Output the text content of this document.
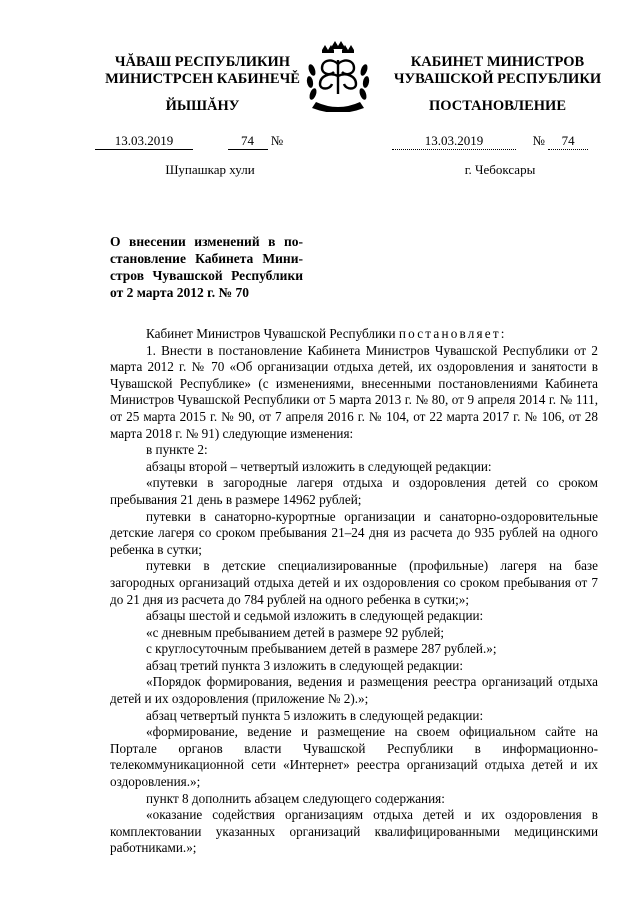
ЧĂВАШ РЕСПУБЛИКИН
МИНИСТРСЕН КАБИНЕЧĚ
ЙЫШĂНУ
13.03.2019	74 №
Шупашкар хули
КАБИНЕТ МИНИСТРОВ
ЧУВАШСКОЙ РЕСПУБЛИКИ
ПОСТАНОВЛЕНИЕ
13.03.2019	№ 74
г. Чебоксары
О внесении изменений в по-
становление Кабинета Мини-
стров Чувашской Республики
от 2 марта 2012 г. № 70

Кабинет Министров Чувашской Республики постановляет:

1. Внести в постановление Кабинета Министров Чувашской Республики от 2 марта 2012 г. № 70 «Об организации отдыха детей, их оздоровления и занятости в Чувашской Республике» (с изменениями, внесенными постановлениями Кабинета Министров Чувашской Республики от 5 марта 2013 г. № 80, от 9 апреля 2014 г. № 111, от 25 марта 2015 г. № 90, от 7 апреля 2016 г. № 104, от 22 марта 2017 г. № 106, от 28 марта 2018 г. № 91) следующие изменения:

в пункте 2:

абзацы второй – четвертый изложить в следующей редакции:

«путевки в загородные лагеря отдыха и оздоровления детей со сроком пребывания 21 день в размере 14962 рублей;

путевки в санаторно-курортные организации и санаторно-оздоровительные детские лагеря со сроком пребывания 21–24 дня из расчета до 935 рублей на одного ребенка в сутки;

путевки в детские специализированные (профильные) лагеря на базе загородных организаций отдыха детей и их оздоровления со сроком пребывания от 7 до 21 дня из расчета до 784 рублей на одного ребенка в сутки;»;

абзацы шестой и седьмой изложить в следующей редакции:

«с дневным пребыванием детей в размере 92 рублей;

с круглосуточным пребыванием детей в размере 287 рублей.»;

абзац третий пункта 3 изложить в следующей редакции:

«Порядок формирования, ведения и размещения реестра организаций отдыха детей и их оздоровления (приложение № 2).»;

абзац четвертый пункта 5 изложить в следующей редакции:

«формирование, ведение и размещение на своем официальном сайте на Портале органов власти Чувашской Республики в информационно-телекоммуникационной сети «Интернет» реестра организаций отдыха детей и их оздоровления.»;

пункт 8 дополнить абзацем следующего содержания:

«оказание содействия организациям отдыха детей и их оздоровления в комплектовании указанных организаций квалифицированными медицинскими работниками.»;
